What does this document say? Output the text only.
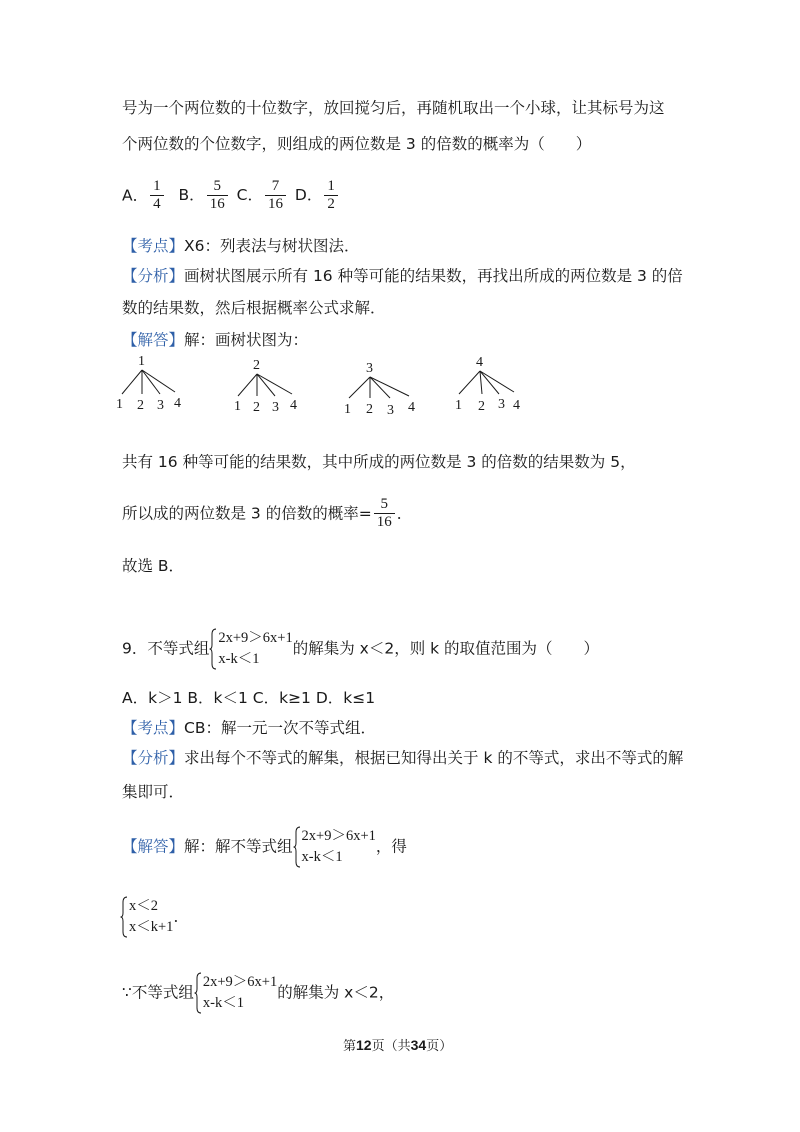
号为一个两位数的十位数字，放回搅匀后，再随机取出一个小球，让其标号为这
个两位数的个位数字，则组成的两位数是 3 的倍数的概率为（　　）
A． $\frac{1}{4}$ B． $\frac{5}{16}$ C． $\frac{7}{16}$ D． $\frac{1}{2}$
【考点】X6：列表法与树状图法．
【分析】画树状图展示所有 16 种等可能的结果数，再找出所成的两位数是 3 的倍
数的结果数，然后根据概率公式求解．
【解答】解：画树状图为：
1
1 2 3 4
2
1 2 3 4
3
1 2 3 4
4
1 2 3 4
共有 16 种等可能的结果数，其中所成的两位数是 3 的倍数的结果数为 5，
所以成的两位数是 3 的倍数的概率= $\frac{5}{16}$ ．
故选 B．
9．不等式组
2x+9＞6x+1
x-k＜1
的解集为 x＜2，则 k 的取值范围为（　　）
A．k＞1 B．k＜1 C．k≥1 D．k≤1
【考点】CB：解一元一次不等式组．
【分析】求出每个不等式的解集，根据已知得出关于 k 的不等式，求出不等式的解
集即可．
【解答】解：解不等式组
2x+9＞6x+1
x-k＜1
，得
x＜2
x＜k+1
．
∵不等式组
2x+9＞6x+1
x-k＜1
的解集为 x＜2，
第12页（共34页）
